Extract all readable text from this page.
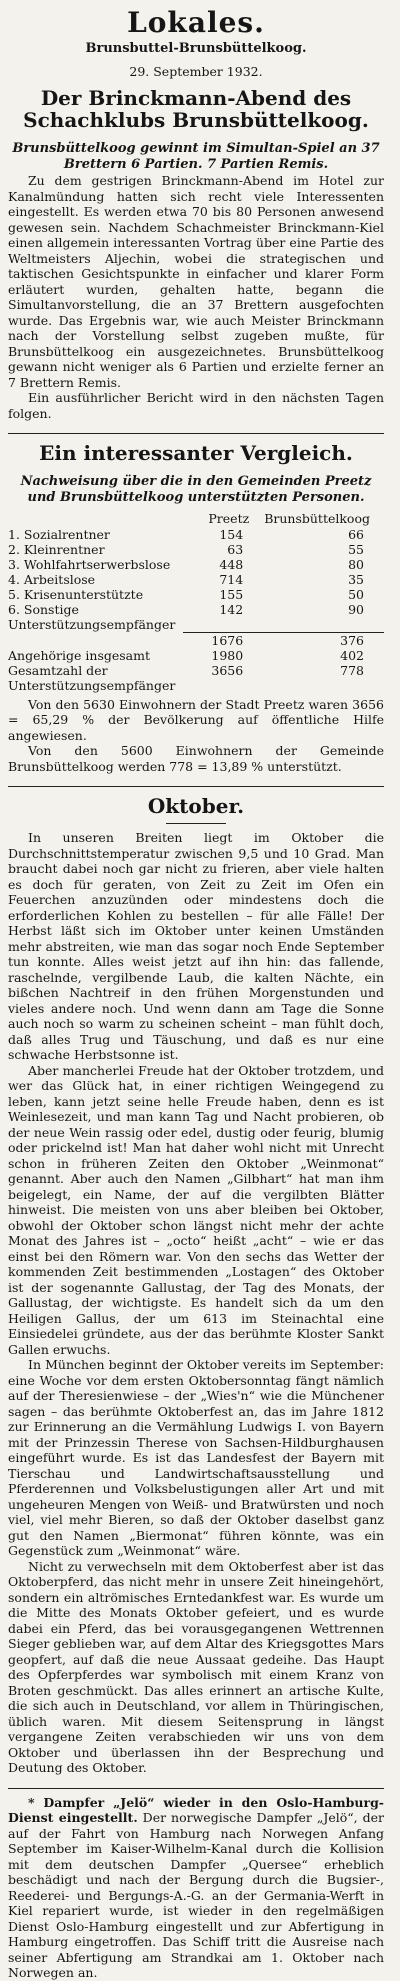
Lokales.
Brunsbuttel-Brunsbüttelkoog.
29. September 1932.
Der Brinckmann-Abend des Schachklubs Brunsbüttelkoog.
Brunsbüttelkoog gewinnt im Simultan-Spiel an 37 Brettern 6 Partien. 7 Partien Remis.

Zu dem gestrigen Brinckmann-Abend im Hotel zur Kanalmündung hatten sich recht viele Interessenten eingestellt. Es werden etwa 70 bis 80 Personen anwesend gewesen sein. Nachdem Schachmeister Brinckmann-Kiel einen allgemein interessanten Vortrag über eine Partie des Weltmeisters Aljechin, wobei die strategischen und taktischen Gesichtspunkte in einfacher und klarer Form erläutert wurden, gehalten hatte, begann die Simultanvorstellung, die an 37 Brettern ausgefochten wurde. Das Ergebnis war, wie auch Meister Brinckmann nach der Vorstellung selbst zugeben mußte, für Brunsbüttelkoog ein ausgezeichnetes. Brunsbüttelkoog gewann nicht weniger als 6 Partien und erzielte ferner an 7 Brettern Remis.

Ein ausführlicher Bericht wird in den nächsten Tagen folgen.

Ein interessanter Vergleich.
Nachweisung über die in den Gemeinden Preetz und Brunsbüttelkoog unterstützten Personen.
	Preetz	Brunsbüttelkoog
1. Sozialrentner	154	66
2. Kleinrentner	63	55
3. Wohlfahrtserwerbslose	448	80
4. Arbeitslose	714	35
5. Krisenunterstützte	155	50
6. Sonstige Unterstützungsempfänger	142	90
	1676	376
Angehörige insgesamt	1980	402
Gesamtzahl der Unterstützungsempfänger	3656	778

Von den 5630 Einwohnern der Stadt Preetz waren 3656 = 65,29 % der Bevölkerung auf öffentliche Hilfe angewiesen.

Von den 5600 Einwohnern der Gemeinde Brunsbüttelkoog werden 778 = 13,89 % unterstützt.

Oktober.

In unseren Breiten liegt im Oktober die Durchschnittstemperatur zwischen 9,5 und 10 Grad. Man braucht dabei noch gar nicht zu frieren, aber viele halten es doch für geraten, von Zeit zu Zeit im Ofen ein Feuerchen anzuzünden oder mindestens doch die erforderlichen Kohlen zu bestellen – für alle Fälle! Der Herbst läßt sich im Oktober unter keinen Umständen mehr abstreiten, wie man das sogar noch Ende September tun konnte. Alles weist jetzt auf ihn hin: das fallende, raschelnde, vergilbende Laub, die kalten Nächte, ein bißchen Nachtreif in den frühen Morgenstunden und vieles andere noch. Und wenn dann am Tage die Sonne auch noch so warm zu scheinen scheint – man fühlt doch, daß alles Trug und Täuschung, und daß es nur eine schwache Herbstsonne ist.

Aber mancherlei Freude hat der Oktober trotzdem, und wer das Glück hat, in einer richtigen Weingegend zu leben, kann jetzt seine helle Freude haben, denn es ist Weinlesezeit, und man kann Tag und Nacht probieren, ob der neue Wein rassig oder edel, dustig oder feurig, blumig oder prickelnd ist! Man hat daher wohl nicht mit Unrecht schon in früheren Zeiten den Oktober „Weinmonat“ genannt. Aber auch den Namen „Gilbhart“ hat man ihm beigelegt, ein Name, der auf die vergilbten Blätter hinweist. Die meisten von uns aber bleiben bei Oktober, obwohl der Oktober schon längst nicht mehr der achte Monat des Jahres ist – „octo“ heißt „acht“ – wie er das einst bei den Römern war. Von den sechs das Wetter der kommenden Zeit bestimmenden „Lostagen“ des Oktober ist der sogenannte Gallustag, der Tag des Monats, der Gallustag, der wichtigste. Es handelt sich da um den Heiligen Gallus, der um 613 im Steinachtal eine Einsiedelei gründete, aus der das berühmte Kloster Sankt Gallen erwuchs.

In München beginnt der Oktober vereits im September: eine Woche vor dem ersten Oktobersonntag fängt nämlich auf der Theresienwiese – der „Wies'n“ wie die Münchener sagen – das berühmte Oktoberfest an, das im Jahre 1812 zur Erinnerung an die Vermählung Ludwigs I. von Bayern mit der Prinzessin Therese von Sachsen-Hildburghausen eingeführt wurde. Es ist das Landesfest der Bayern mit Tierschau und Landwirtschaftsausstellung und Pferderennen und Volksbelustigungen aller Art und mit ungeheuren Mengen von Weiß- und Bratwürsten und noch viel, viel mehr Bieren, so daß der Oktober daselbst ganz gut den Namen „Biermonat“ führen könnte, was ein Gegenstück zum „Weinmonat“ wäre.

Nicht zu verwechseln mit dem Oktoberfest aber ist das Oktoberpferd, das nicht mehr in unsere Zeit hineingehört, sondern ein altrömisches Erntedankfest war. Es wurde um die Mitte des Monats Oktober gefeiert, und es wurde dabei ein Pferd, das bei vorausgegangenen Wettrennen Sieger geblieben war, auf dem Altar des Kriegsgottes Mars geopfert, auf daß die neue Aussaat gedeihe. Das Haupt des Opferpferdes war symbolisch mit einem Kranz von Broten geschmückt. Das alles erinnert an artische Kulte, die sich auch in Deutschland, vor allem in Thüringischen, üblich waren. Mit diesem Seitensprung in längst vergangene Zeiten verabschieden wir uns von dem Oktober und überlassen ihn der Besprechung und Deutung des Oktober.

* Dampfer „Jelö“ wieder in den Oslo-Hamburg-Dienst eingestellt. Der norwegische Dampfer „Jelö“, der auf der Fahrt von Hamburg nach Norwegen Anfang September im Kaiser-Wilhelm-Kanal durch die Kollision mit dem deutschen Dampfer „Quersee“ erheblich beschädigt und nach der Bergung durch die Bugsier-, Reederei- und Bergungs-A.-G. an der Germania-Werft in Kiel repariert wurde, ist wieder in den regelmäßigen Dienst Oslo-Hamburg eingestellt und zur Abfertigung in Hamburg eingetroffen. Das Schiff tritt die Ausreise nach seiner Abfertigung am Strandkai am 1. Oktober nach Norwegen an.
